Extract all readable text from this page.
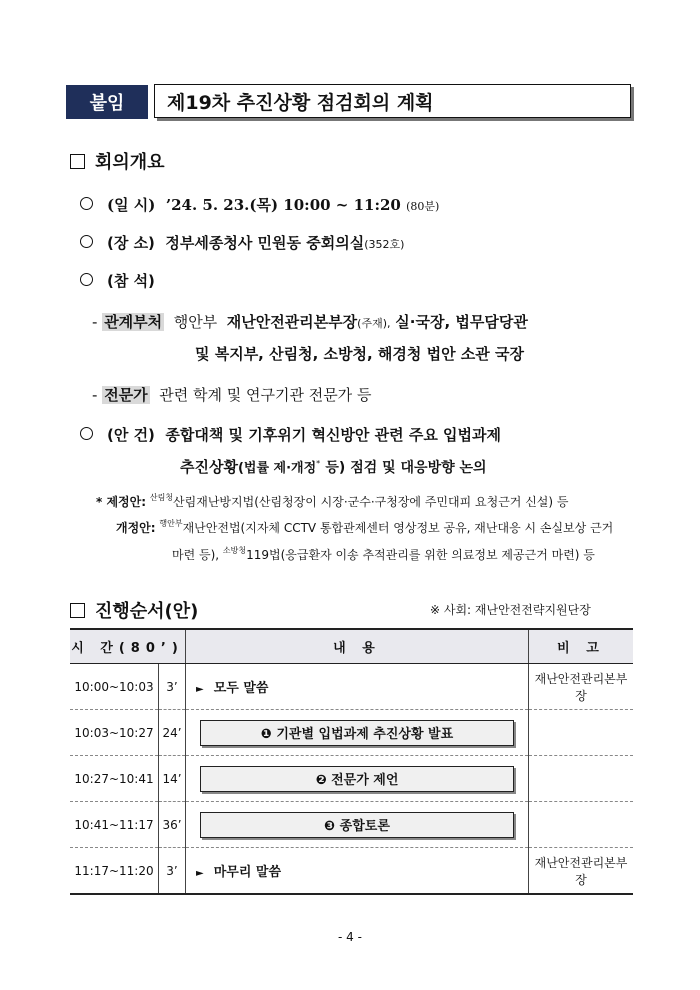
붙임	제19차 추진상황 점검회의 계획
회의개요
(일 시) ’24. 5. 23.(목) 10:00 ~ 11:20 (80분)
(장 소) 정부세종청사 민원동 중회의실(352호)
(참 석)
- 관계부처 행안부 재난안전관리본부장(주재), 실·국장, 법무담당관
및 복지부, 산림청, 소방청, 해경청 법안 소관 국장
- 전문가 관련 학계 및 연구기관 전문가 등
(안 건) 종합대책 및 기후위기 혁신방안 관련 주요 입법과제
추진상황(법률 제·개정* 등) 점검 및 대응방향 논의
* 제정안: $^{산림청}$산림재난방지법(산림청장이 시장·군수·구청장에 주민대피 요청근거 신설) 등
개정안: $^{행안부}$재난안전법(지자체 CCTV 통합관제센터 영상정보 공유, 재난대응 시 손실보상 근거
마련 등), $^{소방청}$119법(응급환자 이송 추적관리를 위한 의료정보 제공근거 마련) 등
진행순서(안)	※ 사회: 재난안전전략지원단장
시 간(80’)		내 용	비 고
10:00~10:03	3’	► 모두 말씀	재난안전관리본부장
10:03~10:27	24’	❶ 기관별 입법과제 추진상황 발표	

10:27~10:41	14’	❷ 전문가 제언	

10:41~11:17	36’	❸ 종합토론	

11:17~11:20	3’	► 마무리 말씀	재난안전관리본부장
- 4 -
